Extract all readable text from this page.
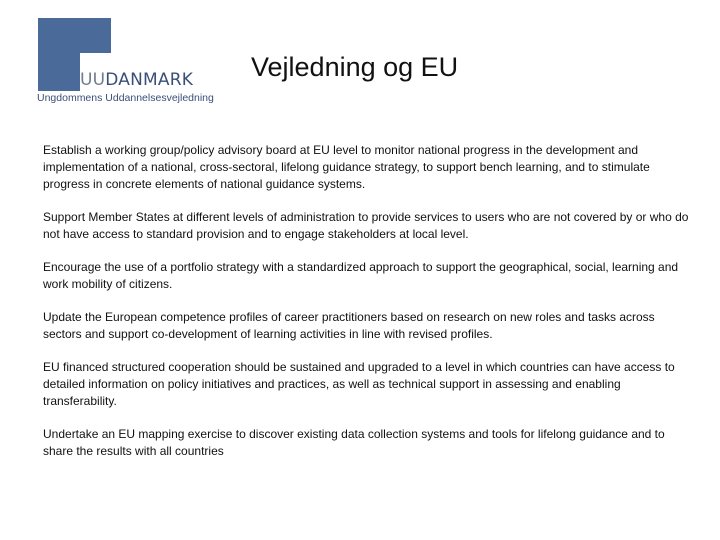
UUDANMARK
Ungdommens Uddannelsesvejledning
Vejledning og EU

Establish a working group/policy advisory board at EU level to monitor national progress in the development and implementation of a national, cross-sectoral, lifelong guidance strategy, to support bench learning, and to stimulate progress in concrete elements of national guidance systems.

Support Member States at different levels of administration to provide services to users who are not covered by or who do not have access to standard provision and to engage stakeholders at local level.

Encourage the use of a portfolio strategy with a standardized approach to support the geographical, social, learning and work mobility of citizens.

Update the European competence profiles of career practitioners based on research on new roles and tasks across sectors and support co-development of learning activities in line with revised profiles.

EU financed structured cooperation should be sustained and upgraded to a level in which countries can have access to detailed information on policy initiatives and practices, as well as technical support in assessing and enabling transferability.

Undertake an EU mapping exercise to discover existing data collection systems and tools for lifelong guidance and to share the results with all countries
